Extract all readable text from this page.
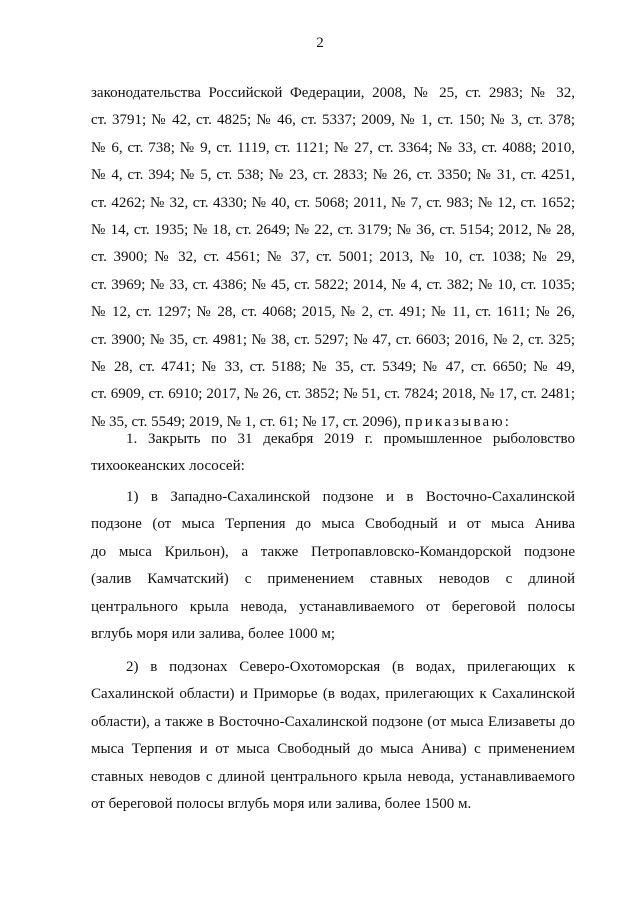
2
законодательства Российской Федерации, 2008, № 25, ст. 2983; № 32,
ст. 3791; № 42, ст. 4825; № 46, ст. 5337; 2009, № 1, ст. 150; № 3, ст. 378;
№ 6, ст. 738; № 9, ст. 1119, ст. 1121; № 27, ст. 3364; № 33, ст. 4088; 2010,
№ 4, ст. 394; № 5, ст. 538; № 23, ст. 2833; № 26, ст. 3350; № 31, ст. 4251,
ст. 4262; № 32, ст. 4330; № 40, ст. 5068; 2011, № 7, ст. 983; № 12, ст. 1652;
№ 14, ст. 1935; № 18, ст. 2649; № 22, ст. 3179; № 36, ст. 5154; 2012, № 28,
ст. 3900; № 32, ст. 4561; № 37, ст. 5001; 2013, № 10, ст. 1038; № 29,
ст. 3969; № 33, ст. 4386; № 45, ст. 5822; 2014, № 4, ст. 382; № 10, ст. 1035;
№ 12, ст. 1297; № 28, ст. 4068; 2015, № 2, ст. 491; № 11, ст. 1611; № 26,
ст. 3900; № 35, ст. 4981; № 38, ст. 5297; № 47, ст. 6603; 2016, № 2, ст. 325;
№ 28, ст. 4741; № 33, ст. 5188; № 35, ст. 5349; № 47, ст. 6650; № 49,
ст. 6909, ст. 6910; 2017, № 26, ст. 3852; № 51, ст. 7824; 2018, № 17, ст. 2481;
№ 35, ст. 5549; 2019, № 1, ст. 61; № 17, ст. 2096), приказываю:
1. Закрыть по 31 декабря 2019 г. промышленное рыболовство
тихоокеанских лососей:
1) в Западно-Сахалинской подзоне и в Восточно-Сахалинской
подзоне (от мыса Терпения до мыса Свободный и от мыса Анива
до мыса Крильон), а также Петропавловско-Командорской подзоне
(залив Камчатский) с применением ставных неводов с длиной
центрального крыла невода, устанавливаемого от береговой полосы
вглубь моря или залива, более 1000 м;
2) в подзонах Северо-Охотоморская (в водах, прилегающих к
Сахалинской области) и Приморье (в водах, прилегающих к Сахалинской
области), а также в Восточно-Сахалинской подзоне (от мыса Елизаветы до
мыса Терпения и от мыса Свободный до мыса Анива) с применением
ставных неводов с длиной центрального крыла невода, устанавливаемого
от береговой полосы вглубь моря или залива, более 1500 м.
